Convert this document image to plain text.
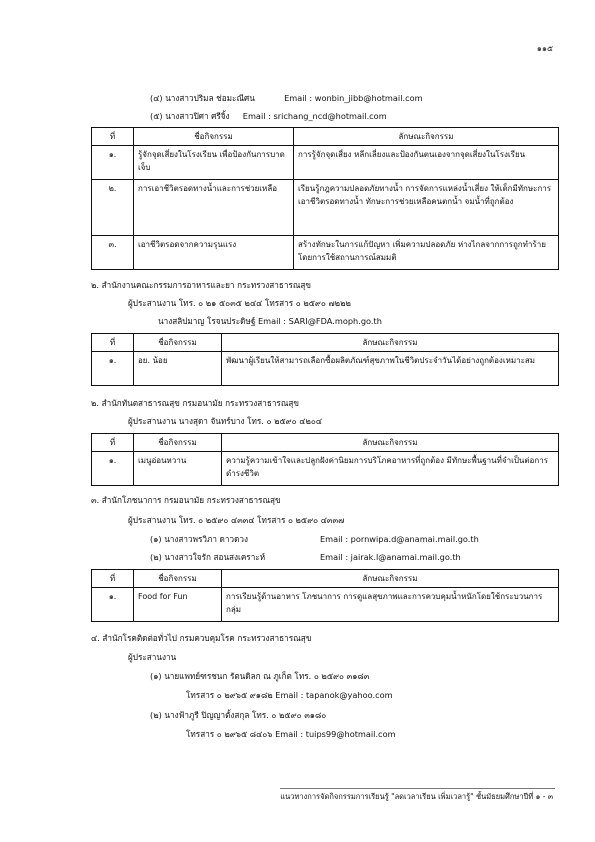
๑๑๕
(๔) นางสาวปริมล ช่อมะณีศน	Email : wonbin_jibb@hotmail.com
(๕) นางสาวปิศา ศรีจิ้ง Email : srichang_ncd@hotmail.com
ที่	ชื่อกิจกรรม	ลักษณะกิจกรรม
๑.	รู้จักจุดเสี่ยงในโรงเรียน เพื่อป้องกันการบาดเจ็บ	การรู้จักจุดเสี่ยง หลีกเลี่ยงและป้องกันตนเองจากจุดเสี่ยงในโรงเรียน
๒.	การเอาชีวิตรอดทางน้ำและการช่วยเหลือ	เรียนรู้กฎความปลอดภัยทางน้ำ การจัดการแหล่งน้ำเสี่ยง ให้เด็กมีทักษะการเอาชีวิตรอดทางน้ำ ทักษะการช่วยเหลือคนตกน้ำ จมน้ำที่ถูกต้อง
๓.	เอาชีวิตรอดจากความรุนแรง	สร้างทักษะในการแก้ปัญหา เพิ่มความปลอดภัย ห่างไกลจากการถูกทำร้าย โดยการใช้สถานการณ์สมมติ
๒. สำนักงานคณะกรรมการอาหารและยา กระทรวงสาธารณสุข
ผู้ประสานงาน โทร. ๐ ๒๑ ๕๐๓๕ ๒๔๔ โทรสาร ๐ ๒๕๙๐ ๗๒๒๒
นางสลิปมาญ โรจนประดิษฐ์ Email : SARI@FDA.moph.go.th
ที่	ชื่อกิจกรรม	ลักษณะกิจกรรม
๑.	อย. น้อย	พัฒนาผู้เรียนให้สามารถเลือกซื้อผลิตภัณฑ์สุขภาพในชีวิตประจำวันได้อย่างถูกต้องเหมาะสม
๒. สำนักทันตสาธารณสุข กรมอนามัย กระทรวงสาธารณสุข
ผู้ประสานงาน นางสุดา จันทร์บาง โทร. ๐ ๒๕๙๐ ๔๒๐๔
ที่	ชื่อกิจกรรม	ลักษณะกิจกรรม
๑.	เมนูอ่อนหวาน	ความรู้ความเข้าใจและปลูกฝังค่านิยมการบริโภคอาหารที่ถูกต้อง มีทักษะพื้นฐานที่จำเป็นต่อการดำรงชีวิต
๓. สำนักโภชนาการ กรมอนามัย กระทรวงสาธารณสุข
ผู้ประสานงาน โทร. ๐ ๒๕๙๐ ๔๓๓๔ โทรสาร ๐ ๒๕๙๐ ๔๓๓๗
(๑) นางสาวพรวิภา ดาวดวง	Email : pornwipa.d@anamai.mail.go.th
(๒) นางสาวใจรัก สอนสงเคราะห์	Email : jairak.l@anamai.mail.go.th
ที่	ชื่อกิจกรรม	ลักษณะกิจกรรม
๑.	Food for Fun	การเรียนรู้ด้านอาหาร โภชนาการ การดูแลสุขภาพและการควบคุมน้ำหนักโดยใช้กระบวนการกลุ่ม
๔. สำนักโรคติดต่อทั่วไป กรมควบคุมโรค กระทรวงสาธารณสุข
ผู้ประสานงาน
(๑) นายแพทย์ฑรชนก รัตนดิลก ณ ภูเก็ต โทร. ๐ ๒๕๙๐ ๓๑๘๓
โทรสาร ๐ ๒๙๖๕ ๙๑๘๒ Email : tapanok@yahoo.com
(๒) นางฟ้าภูรี ปิญญาตั้งสกุล โทร. ๐ ๒๕๙๐ ๓๑๘๐
โทรสาร ๐ ๒๙๖๕ ๘๔๐๖ Email : tuips99@hotmail.com
แนวทางการจัดกิจกรรมการเรียนรู้ "ลดเวลาเรียน เพิ่มเวลารู้" ชั้นมัธยมศึกษาปีที่ ๑ - ๓
